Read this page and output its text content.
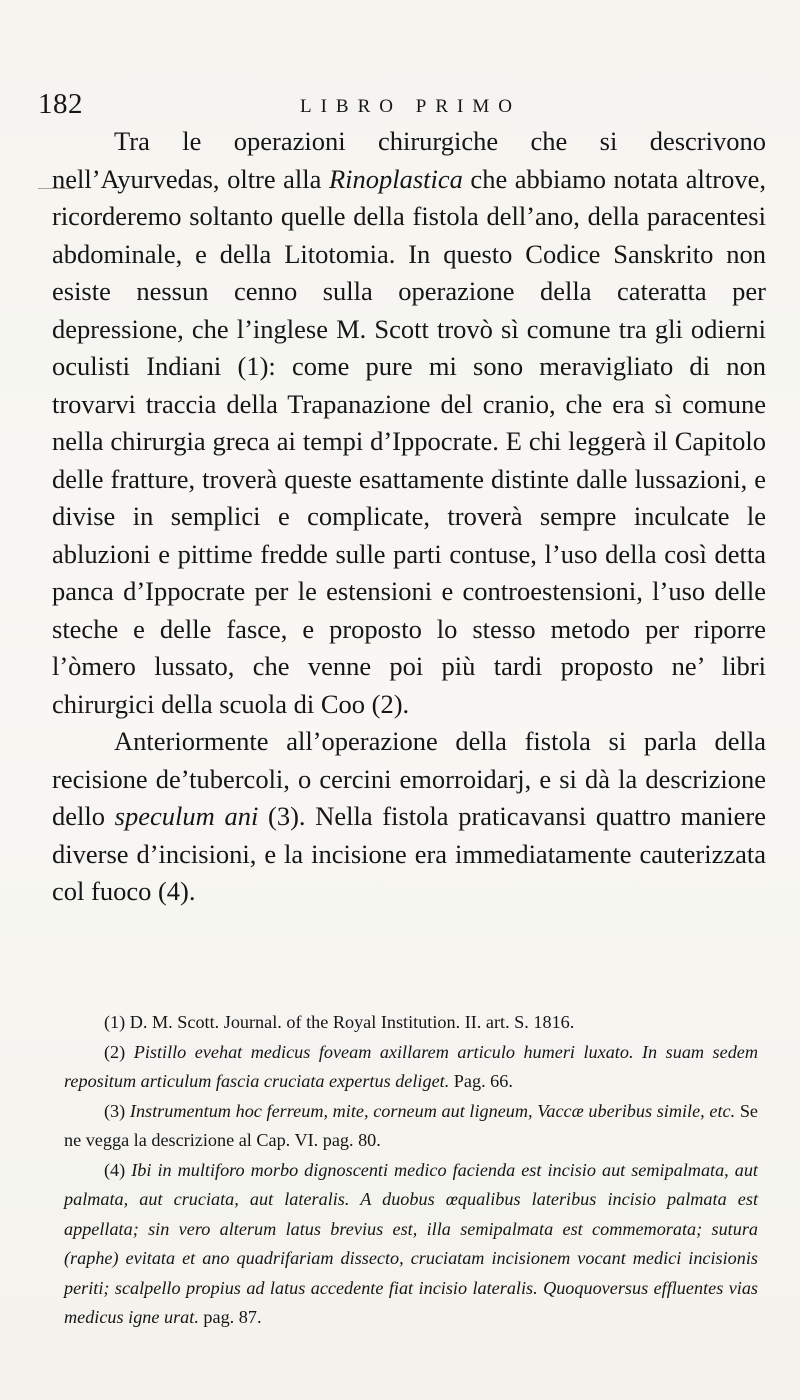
182	LIBRO PRIMO

Tra le operazioni chirurgiche che si descrivono nell’Ayurvedas, oltre alla Rinoplastica che abbiamo notata altrove, ricorderemo soltanto quelle della fistola dell’ano, della paracentesi abdominale, e della Litotomia. In questo Codice Sanskrito non esiste nessun cenno sulla operazione della cateratta per depressione, che l’inglese M. Scott trovò sì comune tra gli odierni oculisti Indiani (1): come pure mi sono meravigliato di non trovarvi traccia della Trapanazione del cranio, che era sì comune nella chirurgia greca ai tempi d’Ippocrate. E chi leggerà il Capitolo delle fratture, troverà queste esattamente distinte dalle lussazioni, e divise in semplici e complicate, troverà sempre inculcate le abluzioni e pittime fredde sulle parti contuse, l’uso della così detta panca d’Ippocrate per le estensioni e controestensioni, l’uso delle steche e delle fasce, e proposto lo stesso metodo per riporre l’òmero lussato, che venne poi più tardi proposto ne’ libri chirurgici della scuola di Coo (2).

Anteriormente all’operazione della fistola si parla della recisione de’tubercoli, o cercini emorroidarj, e si dà la descrizione dello speculum ani (3). Nella fistola praticavansi quattro maniere diverse d’incisioni, e la incisione era immediatamente cauterizzata col fuoco (4).

(1) D. M. Scott. Journal. of the Royal Institution. II. art. S. 1816.

(2) Pistillo evehat medicus foveam axillarem articulo humeri luxato. In suam sedem repositum articulum fascia cruciata expertus deliget. Pag. 66.

(3) Instrumentum hoc ferreum, mite, corneum aut ligneum, Vaccæ uberibus simile, etc. Se ne vegga la descrizione al Cap. VI. pag. 80.

(4) Ibi in multiforo morbo dignoscenti medico facienda est incisio aut semipalmata, aut palmata, aut cruciata, aut lateralis. A duobus œqualibus lateribus incisio palmata est appellata; sin vero alterum latus brevius est, illa semipalmata est commemorata; sutura (raphe) evitata et ano quadrifariam dissecto, cruciatam incisionem vocant medici incisionis periti; scalpello propius ad latus accedente fiat incisio lateralis. Quoquoversus effluentes vias medicus igne urat. pag. 87.
